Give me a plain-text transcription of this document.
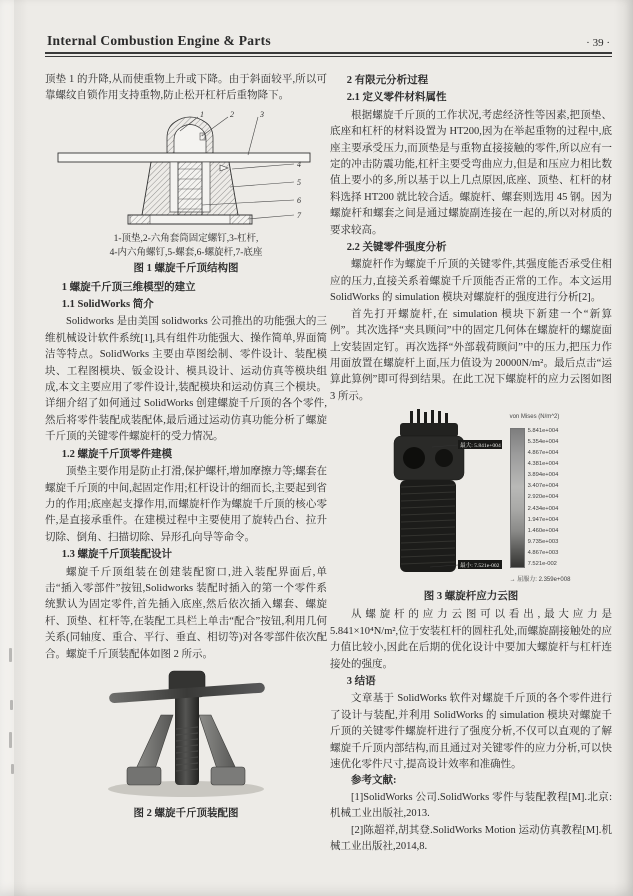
Internal Combustion Engine & Parts	· 39 ·

顶垫 1 的升降,从而使重物上升或下降。由于斜面较平,所以可靠螺纹自锁作用支持重物,防止松开杠杆后重物降下。

1	2	3
4
5
6
7
1-顶垫,2-六角套筒固定螺钉,3-杠杆,
4-内六角螺钉,5-螺套,6-螺旋杆,7-底座
图 1 螺旋千斤顶结构图
1 螺旋千斤顶三维模型的建立
1.1 SolidWorks 简介

Solidworks 是由美国 solidworks 公司推出的功能强大的三维机械设计软件系统[1],具有组件功能强大、操作简单,界面简洁等特点。SolidWorks 主要由草图绘制、零件设计、装配模块、工程图模块、钣金设计、模具设计、运动仿真等模块组成,本文主要应用了零件设计,装配模块和运动仿真三个模块。详细介绍了如何通过 SolidWorks 创建螺旋千斤顶的各个零件,然后将零件装配成装配体,最后通过运动仿真功能分析了螺旋千斤顶的关键零件螺旋杆的受力情况。

1.2 螺旋千斤顶零件建模

顶垫主要作用是防止打滑,保护螺杆,增加摩擦力等;螺套在螺旋千斤顶的中间,起固定作用;杠杆设计的细而长,主要起到省力的作用;底座起支撑作用,而螺旋杆作为螺旋千斤顶的核心零件,是直接承重件。在建模过程中主要使用了旋转凸台、拉升切除、倒角、扫描切除、异形孔向导等命令。

1.3 螺旋千斤顶装配设计

螺旋千斤顶组装在创建装配窗口,进入装配界面后,单击“插入零部件”按钮,Solidworks 装配时插入的第一个零件系统默认为固定零件,首先插入底座,然后依次插入螺套、螺旋杆、顶垫、杠杆等,在装配工具栏上单击“配合”按钮,利用几何关系(同轴度、重合、平行、垂直、相切等)对各零部件依次配合。螺旋千斤顶装配体如图 2 所示。

图 2 螺旋千斤顶装配图
2 有限元分析过程
2.1 定义零件材料属性

根据螺旋千斤顶的工作状况,考虑经济性等因素,把顶垫、底座和杠杆的材料设置为 HT200,因为在举起重物的过程中,底座主要承受压力,而顶垫是与重物直接接触的零件,所以应有一定的冲击防震功能,杠杆主要受弯曲应力,但是和压应力相比数值上要小的多,所以基于以上几点原因,底座、顶垫、杠杆的材料选择 HT200 就比较合适。螺旋杆、螺套则选用 45 钢。因为螺旋杆和螺套之间是通过螺旋副连接在一起的,所以对材质的要求较高。

2.2 关键零件强度分析

螺旋杆作为螺旋千斤顶的关键零件,其强度能否承受住相应的压力,直接关系着螺旋千斤顶能否正常的工作。本文运用 SolidWorks 的 simulation 模块对螺旋杆的强度进行分析[2]。

首先打开螺旋杆,在 simulation 模块下新建一个“新算例”。其次选择“夹具顾问”中的固定几何体在螺旋杆的螺旋面上安装固定钉。再次选择“外部载荷顾问”中的压力,把压力作用面放置在螺旋杆上面,压力值设为 20000N/m²。最后点击“运算此算例”即可得到结果。在此工况下螺旋杆的应力云图如图 3 所示。

最大: 5.841e+004
最小: 7.521e-002
von Mises (N/m^2)
5.841e+004
5.354e+004
4.867e+004
4.381e+004
3.894e+004
3.407e+004
2.920e+004
2.434e+004
1.947e+004
1.460e+004
9.735e+003
4.867e+003
7.521e-002
→ 屈服力: 2.359e+008
图 3 螺旋杆应力云图

从螺旋杆的应力云图可以看出,最大应力是 5.841×10⁴N/m²,位于安装杠杆的圆柱孔处,而螺旋副接触处的应力值比较小,因此在后期的优化设计中要加大螺旋杆与杠杆连接处的强度。

3 结语

文章基于 SolidWorks 软件对螺旋千斤顶的各个零件进行了设计与装配,并利用 SolidWorks 的 simulation 模块对螺旋千斤顶的关键零件螺旋杆进行了强度分析,不仅可以直观的了解螺旋千斤顶内部结构,而且通过对关键零件的应力分析,可以快速优化零件尺寸,提高设计效率和准确性。

参考文献:

[1]SolidWorks 公司.SolidWorks 零件与装配教程[M].北京:机械工业出版社,2013.

[2]陈超祥,胡其登.SolidWorks Motion 运动仿真教程[M].机械工业出版社,2014,8.
